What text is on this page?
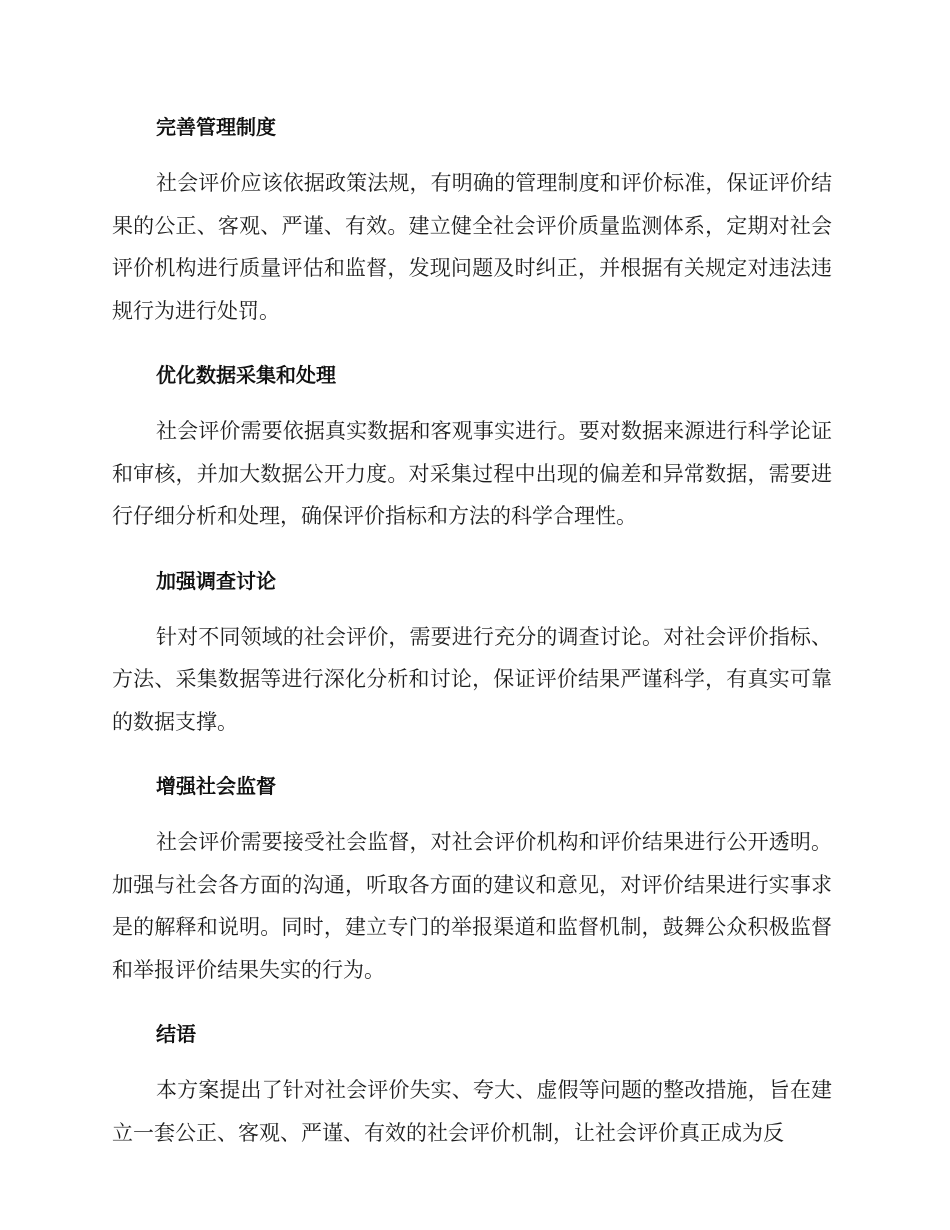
完善管理制度

社会评价应该依据政策法规，有明确的管理制度和评价标准，保证评价结果的公正、客观、严谨、有效。建立健全社会评价质量监测体系，定期对社会评价机构进行质量评估和监督，发现问题及时纠正，并根据有关规定对违法违规行为进行处罚。

优化数据采集和处理

社会评价需要依据真实数据和客观事实进行。要对数据来源进行科学论证和审核，并加大数据公开力度。对采集过程中出现的偏差和异常数据，需要进行仔细分析和处理，确保评价指标和方法的科学合理性。

加强调查讨论

针对不同领域的社会评价，需要进行充分的调查讨论。对社会评价指标、方法、采集数据等进行深化分析和讨论，保证评价结果严谨科学，有真实可靠的数据支撑。

增强社会监督

社会评价需要接受社会监督，对社会评价机构和评价结果进行公开透明。加强与社会各方面的沟通，听取各方面的建议和意见，对评价结果进行实事求是的解释和说明。同时，建立专门的举报渠道和监督机制，鼓舞公众积极监督和举报评价结果失实的行为。

结语

本方案提出了针对社会评价失实、夸大、虚假等问题的整改措施，旨在建立一套公正、客观、严谨、有效的社会评价机制，让社会评价真正成为反
